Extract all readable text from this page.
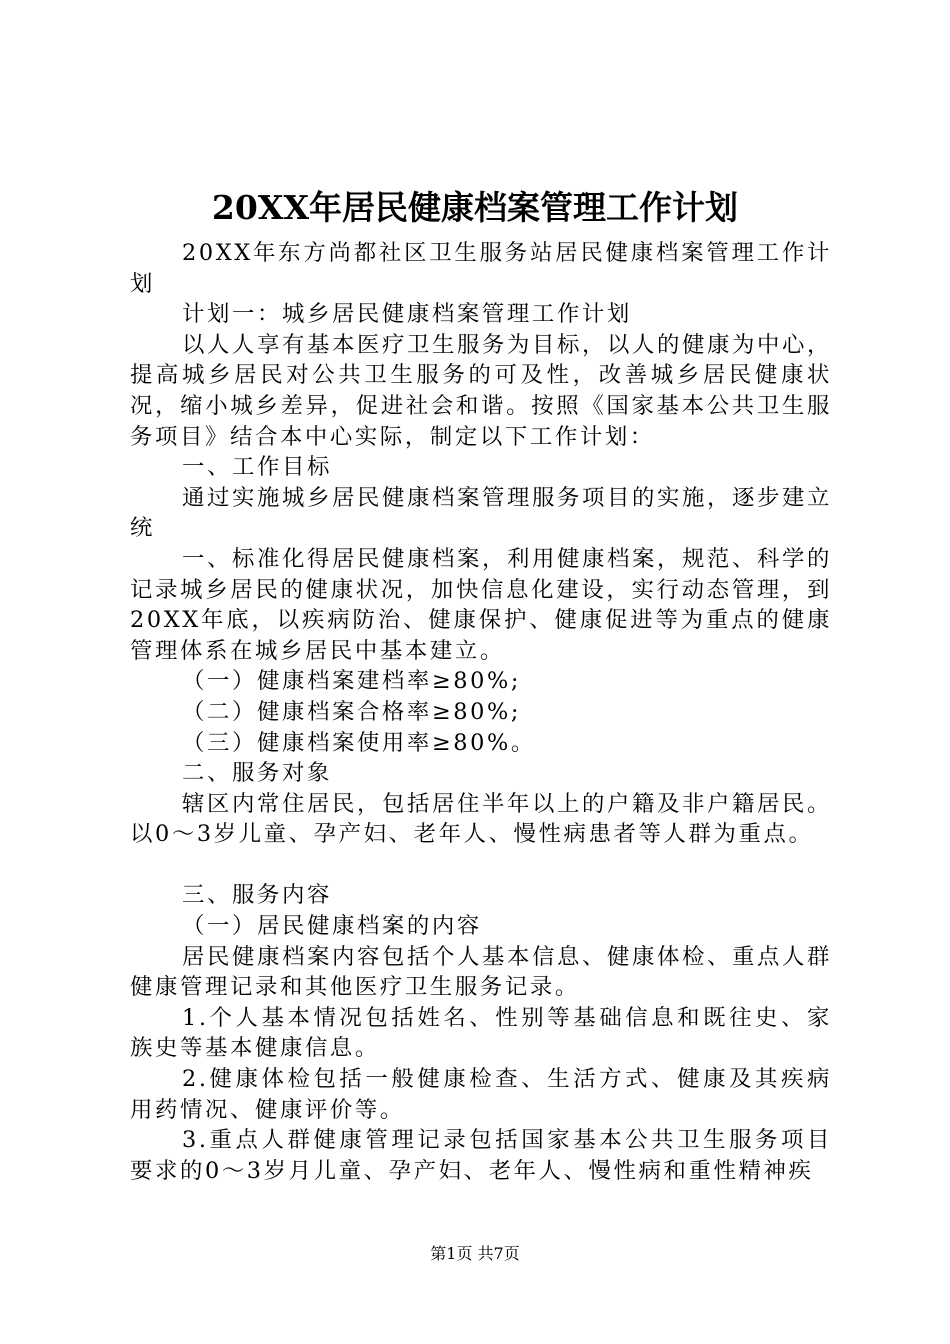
20XX年居民健康档案管理工作计划

20XX年东方尚都社区卫生服务站居民健康档案管理工作计划

计划一：城乡居民健康档案管理工作计划

以人人享有基本医疗卫生服务为目标，以人的健康为中心，提高城乡居民对公共卫生服务的可及性，改善城乡居民健康状况，缩小城乡差异，促进社会和谐。按照《国家基本公共卫生服务项目》结合本中心实际，制定以下工作计划：

一、工作目标

通过实施城乡居民健康档案管理服务项目的实施，逐步建立统

一、标准化得居民健康档案，利用健康档案，规范、科学的记录城乡居民的健康状况，加快信息化建设，实行动态管理，到20XX年底，以疾病防治、健康保护、健康促进等为重点的健康管理体系在城乡居民中基本建立。

（一）健康档案建档率≥80%;

（二）健康档案合格率≥80%;

（三）健康档案使用率≥80%。

二、服务对象

辖区内常住居民，包括居住半年以上的户籍及非户籍居民。以0～3岁儿童、孕产妇、老年人、慢性病患者等人群为重点。

三、服务内容

（一）居民健康档案的内容

居民健康档案内容包括个人基本信息、健康体检、重点人群健康管理记录和其他医疗卫生服务记录。

1.个人基本情况包括姓名、性别等基础信息和既往史、家族史等基本健康信息。

2.健康体检包括一般健康检查、生活方式、健康及其疾病用药情况、健康评价等。

3.重点人群健康管理记录包括国家基本公共卫生服务项目要求的0～3岁月儿童、孕产妇、老年人、慢性病和重性精神疾

第1页 共7页
